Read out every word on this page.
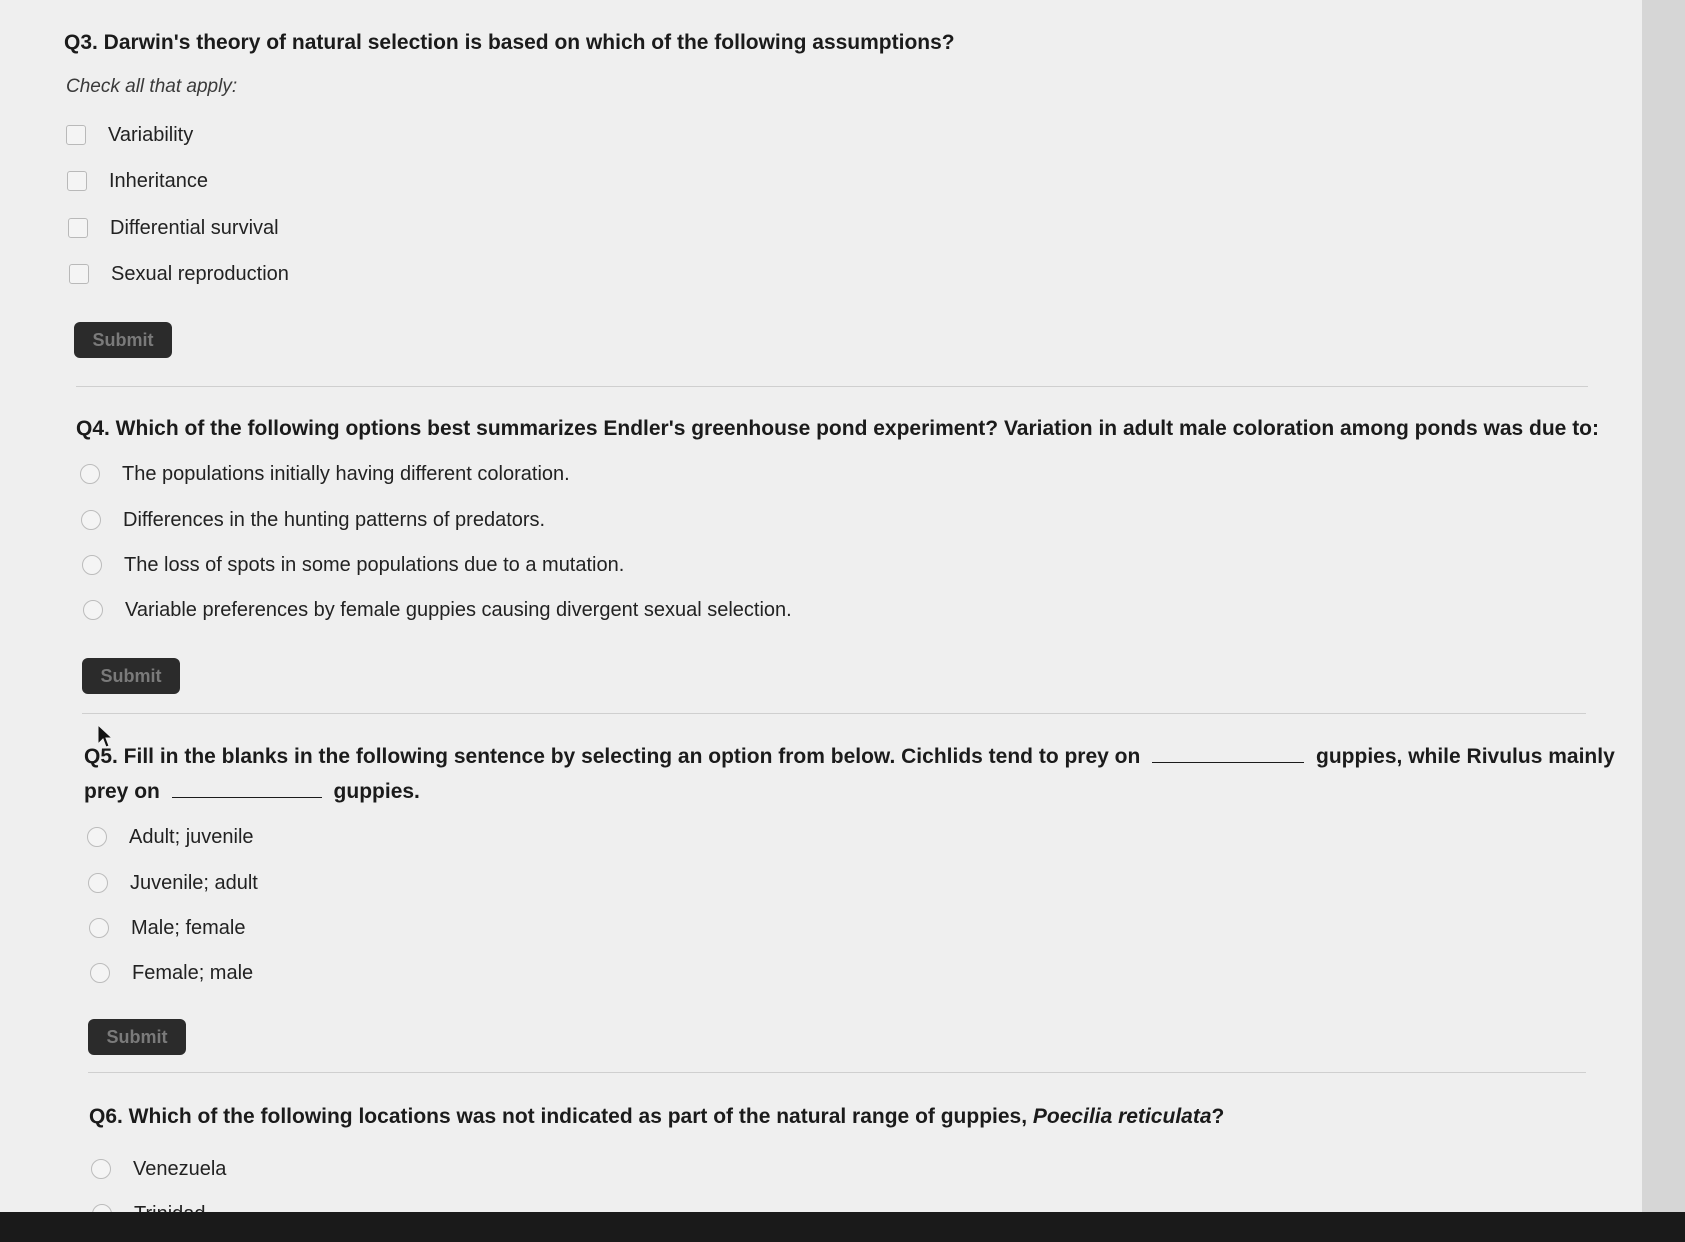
Q3. Darwin's theory of natural selection is based on which of the following assumptions?
Check all that apply:
Variability
Inheritance
Differential survival
Sexual reproduction
Submit
Q4. Which of the following options best summarizes Endler's greenhouse pond experiment? Variation in adult male coloration among ponds was due to:
The populations initially having different coloration.
Differences in the hunting patterns of predators.
The loss of spots in some populations due to a mutation.
Variable preferences by female guppies causing divergent sexual selection.
Submit
Q5. Fill in the blanks in the following sentence by selecting an option from below. Cichlids tend to prey on	guppies, while Rivulus mainly
prey on	guppies.
Adult; juvenile
Juvenile; adult
Male; female
Female; male
Submit
Q6. Which of the following locations was not indicated as part of the natural range of guppies, Poecilia reticulata?
Venezuela
